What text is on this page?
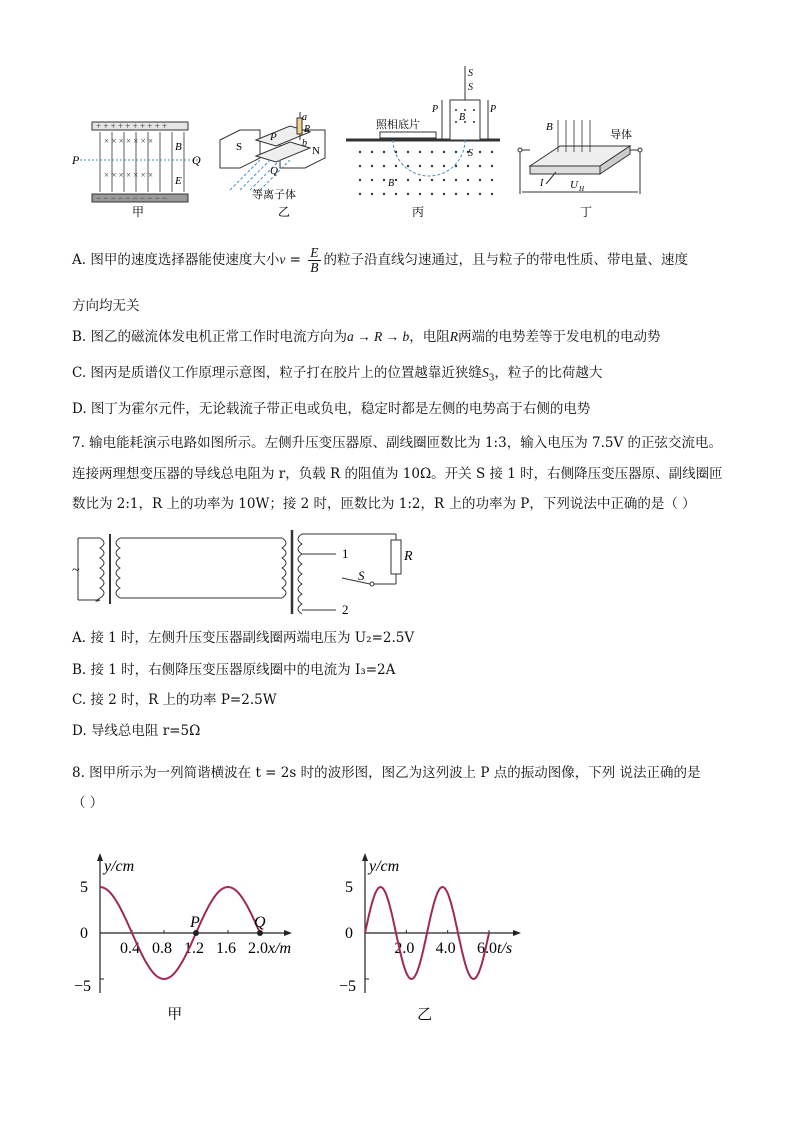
+ + + + + + + + + +
− − − − − − − − − −
× × × × × × ×
× × × × × × ×
P	Q
B
E
甲
S	N
P
Q
a
R
b
等离子体
乙
照相底片
S
S
P	P
B
S
B
丙
B
导体
I U H
丁
A. 图甲的速度选择器能使速度大小$v = \frac{E}{B}$ 的粒子沿直线匀速通过，且与粒子的带电性质、带电量、速度
方向均无关
B. 图乙的磁流体发电机正常工作时电流方向为a → R → b，电阻R两端的电势差等于发电机的电动势
C. 图丙是质谱仪工作原理示意图，粒子打在胶片上的位置越靠近狭缝$S_3$，粒子的比荷越大
D. 图丁为霍尔元件，无论载流子带正电或负电，稳定时都是左侧的电势高于右侧的电势
7. 输电能耗演示电路如图所示。左侧升压变压器原、副线圈匝数比为 1:3，输入电压为 7.5V 的正弦交流电。
连接两理想变压器的导线总电阻为 r，负载 R 的阻值为 10Ω。开关 S 接 1 时，右侧降压变压器原、副线圈匝
数比为 2:1，R 上的功率为 10W；接 2 时，匝数比为 1:2，R 上的功率为 P，下列说法中正确的是（ ）
~
1
2
R
S
A. 接 1 时，左侧升压变压器副线圈两端电压为 U₂=2.5V
B. 接 1 时，右侧降压变压器原线圈中的电流为 I₃=2A
C. 接 2 时，R 上的功率 P=2.5W
D. 导线总电阻 r=5Ω
8. 图甲所示为一列简谐横波在 t = 2s 时的波形图，图乙为这列波上 P 点的振动图像，下列 说法正确的是
（ ）
y/cm
x/m
5
0
−5
0.4 0.8 1.2 1.6 2.0
P	Q
甲
y/cm
t/s
5
0
−5
2.0 4.0 6.0
乙
